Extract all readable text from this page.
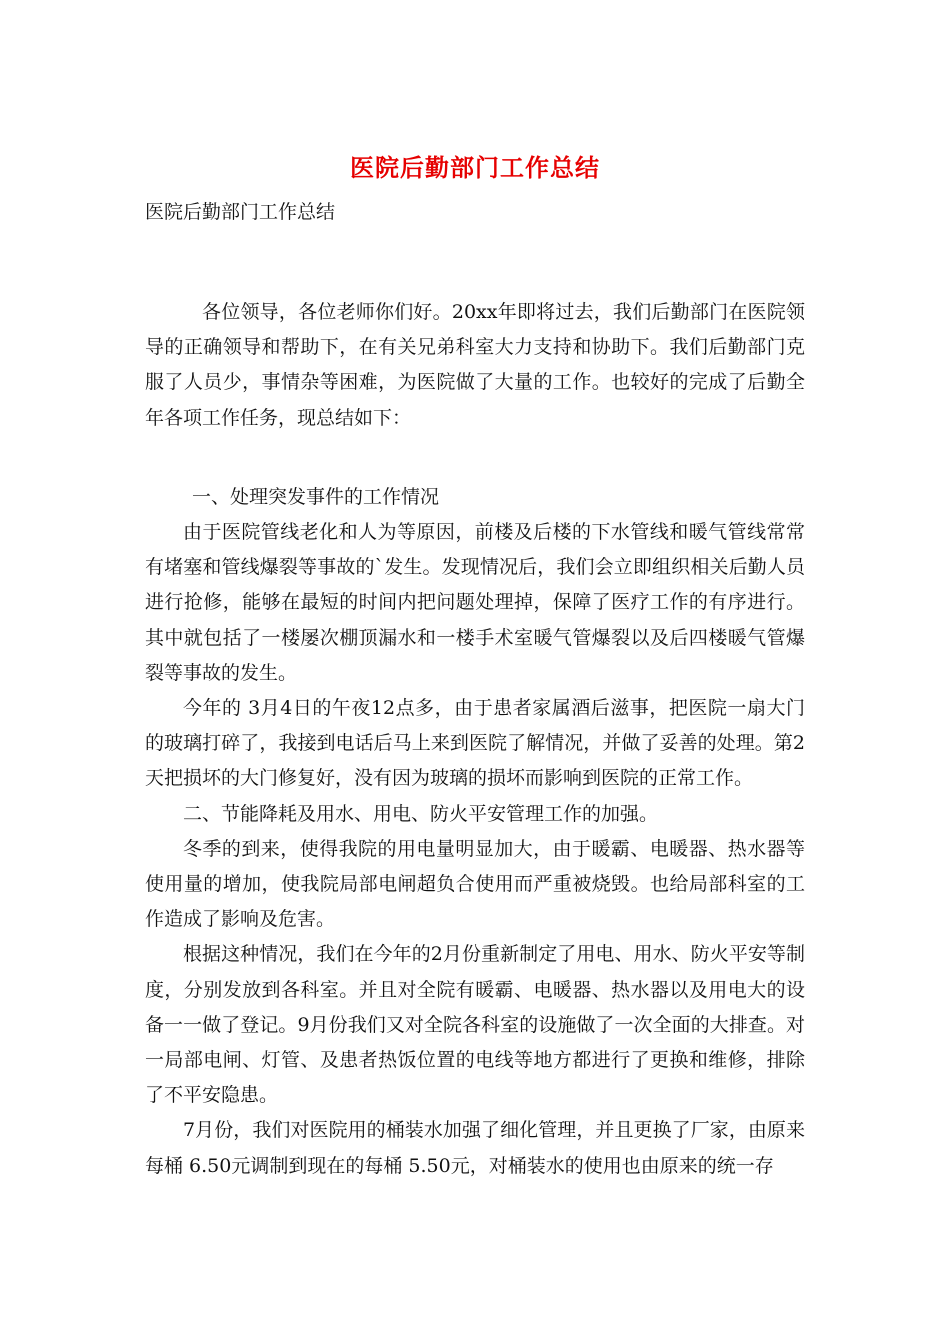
医院后勤部门工作总结
医院后勤部门工作总结

各位领导，各位老师你们好。20xx年即将过去，我们后勤部门在医院领导的正确领导和帮助下，在有关兄弟科室大力支持和协助下。我们后勤部门克服了人员少，事情杂等困难，为医院做了大量的工作。也较好的完成了后勤全年各项工作任务，现总结如下：

一、处理突发事件的工作情况

由于医院管线老化和人为等原因，前楼及后楼的下水管线和暖气管线常常有堵塞和管线爆裂等事故的`发生。发现情况后，我们会立即组织相关后勤人员进行抢修，能够在最短的时间内把问题处理掉，保障了医疗工作的有序进行。其中就包括了一楼屡次棚顶漏水和一楼手术室暖气管爆裂以及后四楼暖气管爆裂等事故的发生。

今年的 3月4日的午夜12点多，由于患者家属酒后滋事，把医院一扇大门的玻璃打碎了，我接到电话后马上来到医院了解情况，并做了妥善的处理。第2天把损坏的大门修复好，没有因为玻璃的损坏而影响到医院的正常工作。

二、节能降耗及用水、用电、防火平安管理工作的加强。

冬季的到来，使得我院的用电量明显加大，由于暖霸、电暖器、热水器等使用量的增加，使我院局部电闸超负合使用而严重被烧毁。也给局部科室的工作造成了影响及危害。

根据这种情况，我们在今年的2月份重新制定了用电、用水、防火平安等制度，分别发放到各科室。并且对全院有暖霸、电暖器、热水器以及用电大的设备一一做了登记。9月份我们又对全院各科室的设施做了一次全面的大排查。对一局部电闸、灯管、及患者热饭位置的电线等地方都进行了更换和维修，排除了不平安隐患。

7月份，我们对医院用的桶装水加强了细化管理，并且更换了厂家，由原来每桶 6.50元调制到现在的每桶 5.50元，对桶装水的使用也由原来的统一存
